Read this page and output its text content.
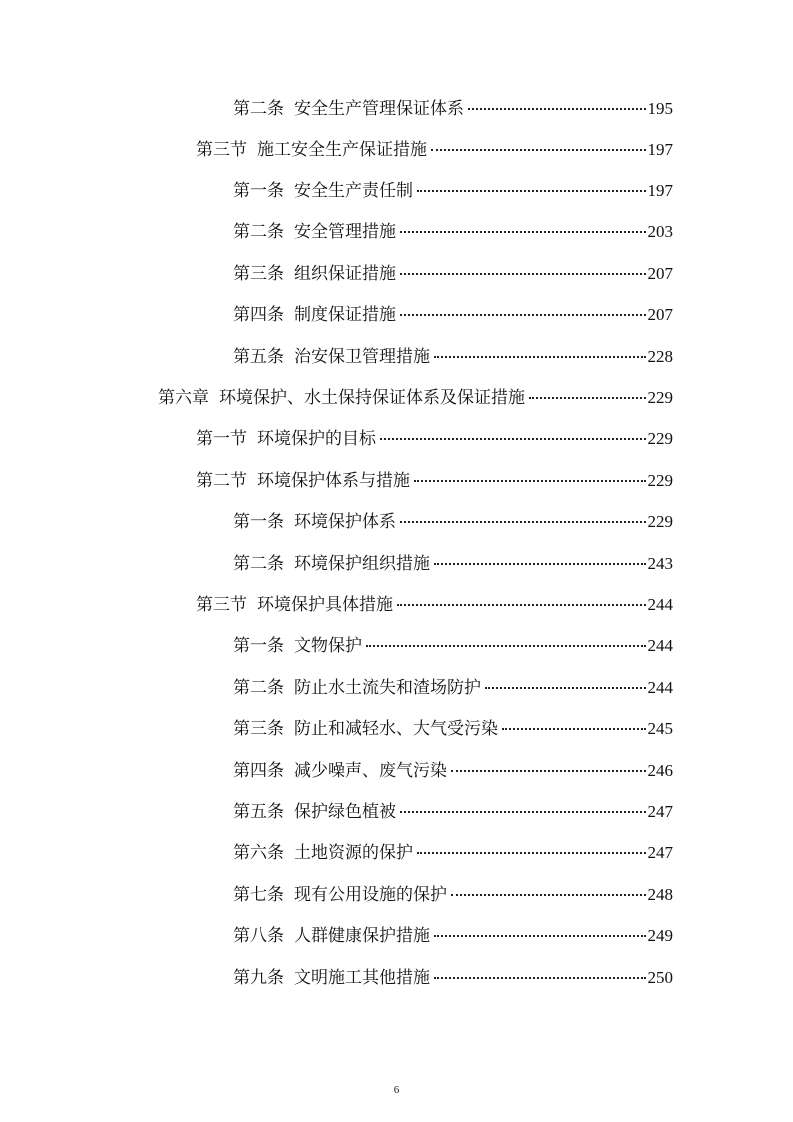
第二条 安全生产管理保证体系	195
第三节 施工安全生产保证措施	197
第一条 安全生产责任制	197
第二条 安全管理措施	203
第三条 组织保证措施	207
第四条 制度保证措施	207
第五条 治安保卫管理措施	228
第六章 环境保护、水土保持保证体系及保证措施	229
第一节 环境保护的目标	229
第二节 环境保护体系与措施	229
第一条 环境保护体系	229
第二条 环境保护组织措施	243
第三节 环境保护具体措施	244
第一条 文物保护	244
第二条 防止水土流失和渣场防护	244
第三条 防止和减轻水、大气受污染	245
第四条 减少噪声、废气污染	246
第五条 保护绿色植被	247
第六条 土地资源的保护	247
第七条 现有公用设施的保护	248
第八条 人群健康保护措施	249
第九条 文明施工其他措施	250
6
